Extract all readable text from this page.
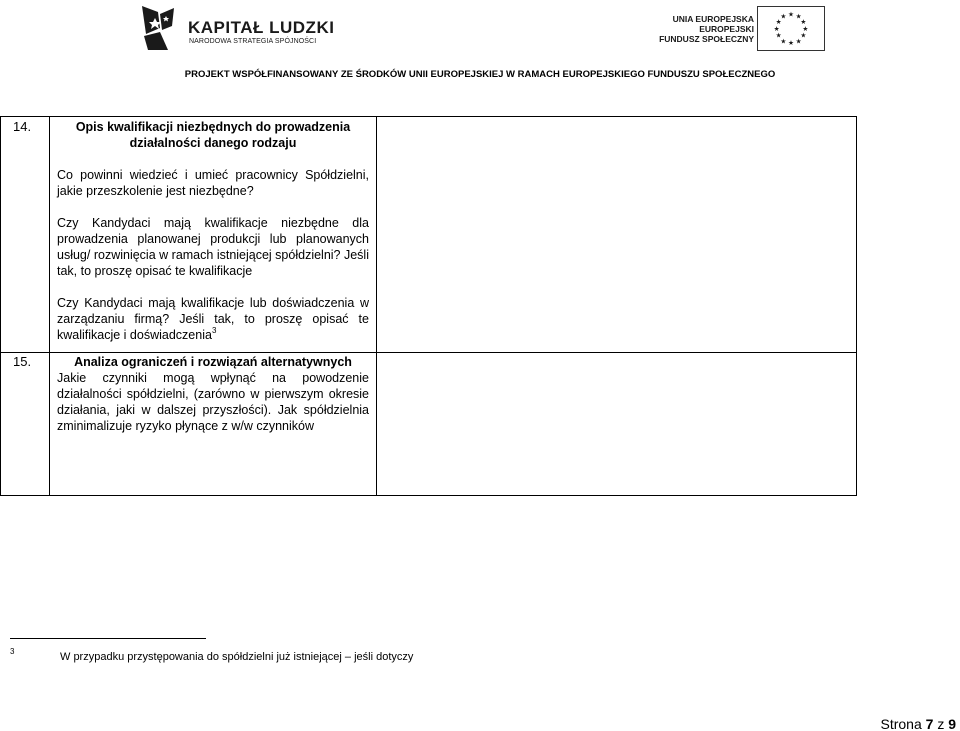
KAPITAŁ LUDZKI
NARODOWA STRATEGIA SPÓJNOŚCI
UNIA EUROPEJSKA
EUROPEJSKI
FUNDUSZ SPOŁECZNY
★ ★
★
★
★
★
★
★
★
★
★
★
PROJEKT WSPÓŁFINANSOWANY ZE ŚRODKÓW UNII EUROPEJSKIEJ W RAMACH EUROPEJSKIEGO FUNDUSZU SPOŁECZNEGO
14.	Opis kwalifikacji niezbędnych do prowadzenia działalności danego rodzaju

Co powinni wiedzieć i umieć pracownicy Spółdzielni, jakie przeszkolenie jest niezbędne?

Czy Kandydaci mają kwalifikacje niezbędne dla prowadzenia planowanej produkcji lub planowanych usług/ rozwinięcia w ramach istniejącej spółdzielni? Jeśli tak, to proszę opisać te kwalifikacje

Czy Kandydaci mają kwalifikacje lub doświadczenia w zarządzaniu firmą? Jeśli tak, to proszę opisać te kwalifikacje i doświadczenia$^3$

15.	Analiza ograniczeń i rozwiązań alternatywnych

Jakie czynniki mogą wpłynąć na powodzenie działalności spółdzielni, (zarówno w pierwszym okresie działania, jaki w dalszej przyszłości). Jak spółdzielnia zminimalizuje ryzyko płynące z w/w czynników

3	W przypadku przystępowania do spółdzielni już istniejącej – jeśli dotyczy
Strona 7 z 9
